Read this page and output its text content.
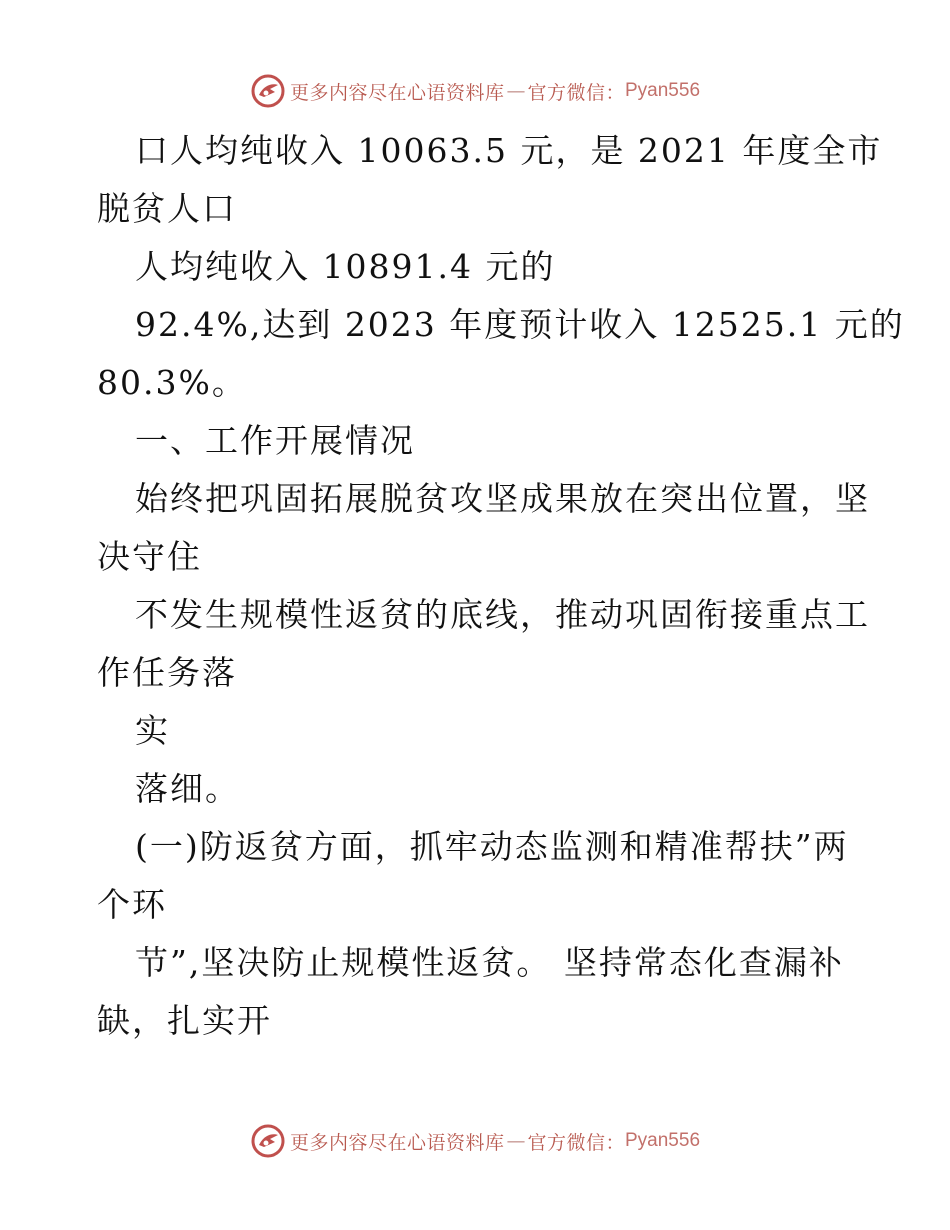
更多内容尽在心语资料库 — 官方微信： Pyan556
口人均纯收入 10063.5 元，是 2021 年度全市
脱贫人口
人均纯收入 10891.4 元的
92.4%,达到 2023 年度预计收入 12525.1 元的
80.3%。
一、工作开展情况
始终把巩固拓展脱贫攻坚成果放在突出位置，坚
决守住
不发生规模性返贫的底线，推动巩固衔接重点工
作任务落
实
落细。
(一)防返贫方面，抓牢动态监测和精准帮扶”两
个环
节”,坚决防止规模性返贫。 坚持常态化查漏补
缺，扎实开
更多内容尽在心语资料库 — 官方微信： Pyan556
